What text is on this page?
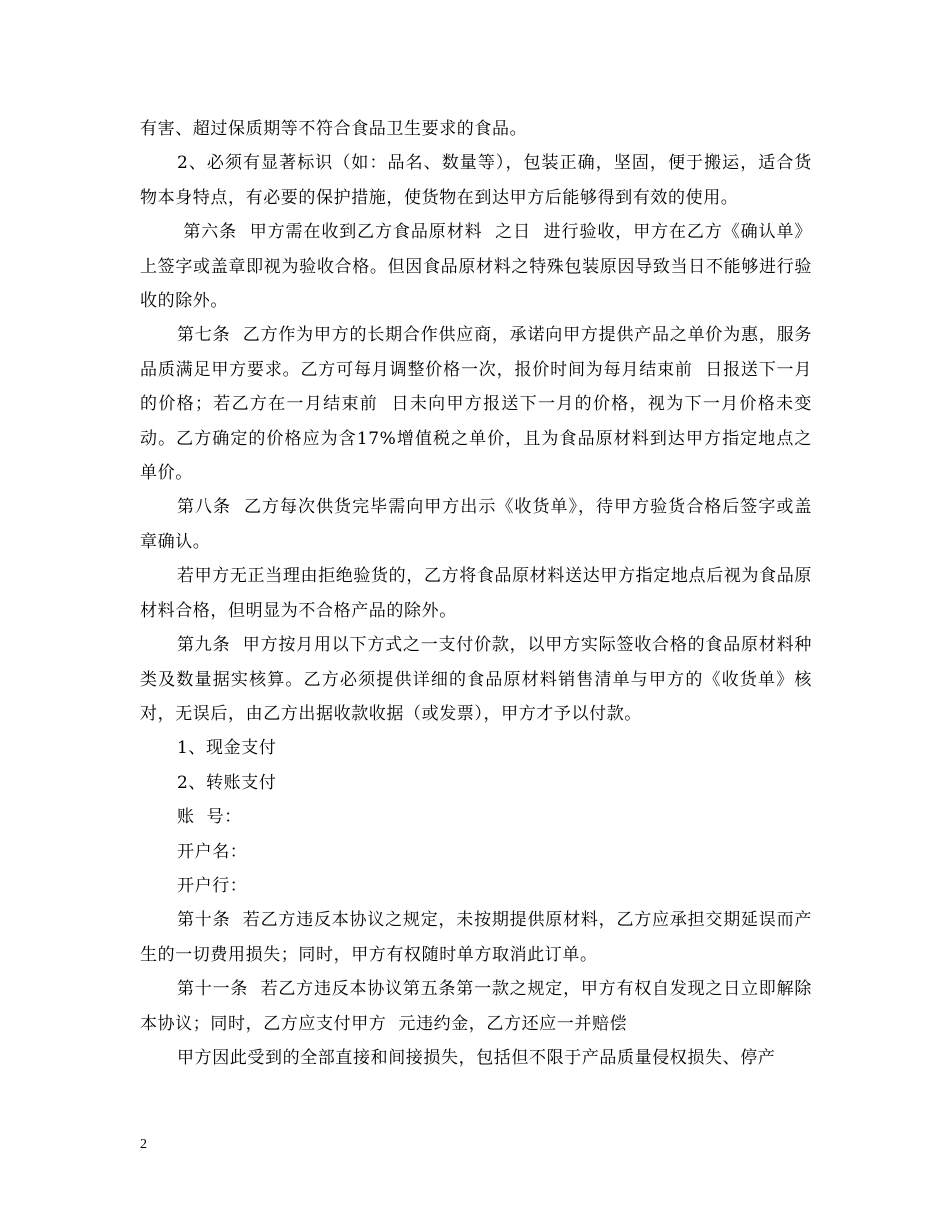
有害、超过保质期等不符合食品卫生要求的食品。

2、必须有显著标识（如：品名、数量等），包装正确，坚固，便于搬运，适合货物本身特点，有必要的保护措施，使货物在到达甲方后能够得到有效的使用。

第六条  甲方需在收到乙方食品原材料  之日  进行验收，甲方在乙方《确认单》上签字或盖章即视为验收合格。但因食品原材料之特殊包装原因导致当日不能够进行验收的除外。

第七条  乙方作为甲方的长期合作供应商，承诺向甲方提供产品之单价为惠，服务品质满足甲方要求。乙方可每月调整价格一次，报价时间为每月结束前  日报送下一月的价格；若乙方在一月结束前  日未向甲方报送下一月的价格，视为下一月价格未变动。乙方确定的价格应为含17%增值税之单价，且为食品原材料到达甲方指定地点之单价。

第八条  乙方每次供货完毕需向甲方出示《收货单》，待甲方验货合格后签字或盖章确认。

若甲方无正当理由拒绝验货的，乙方将食品原材料送达甲方指定地点后视为食品原材料合格，但明显为不合格产品的除外。

第九条  甲方按月用以下方式之一支付价款，以甲方实际签收合格的食品原材料种类及数量据实核算。乙方必须提供详细的食品原材料销售清单与甲方的《收货单》核对，无误后，由乙方出据收款收据（或发票），甲方才予以付款。

1、现金支付

2、转账支付

账  号：

开户名：

开户行：

第十条  若乙方违反本协议之规定，未按期提供原材料，乙方应承担交期延误而产生的一切费用损失；同时，甲方有权随时单方取消此订单。

第十一条  若乙方违反本协议第五条第一款之规定，甲方有权自发现之日立即解除本协议；同时，乙方应支付甲方  元违约金，乙方还应一并赔偿

甲方因此受到的全部直接和间接损失，包括但不限于产品质量侵权损失、停产

2
